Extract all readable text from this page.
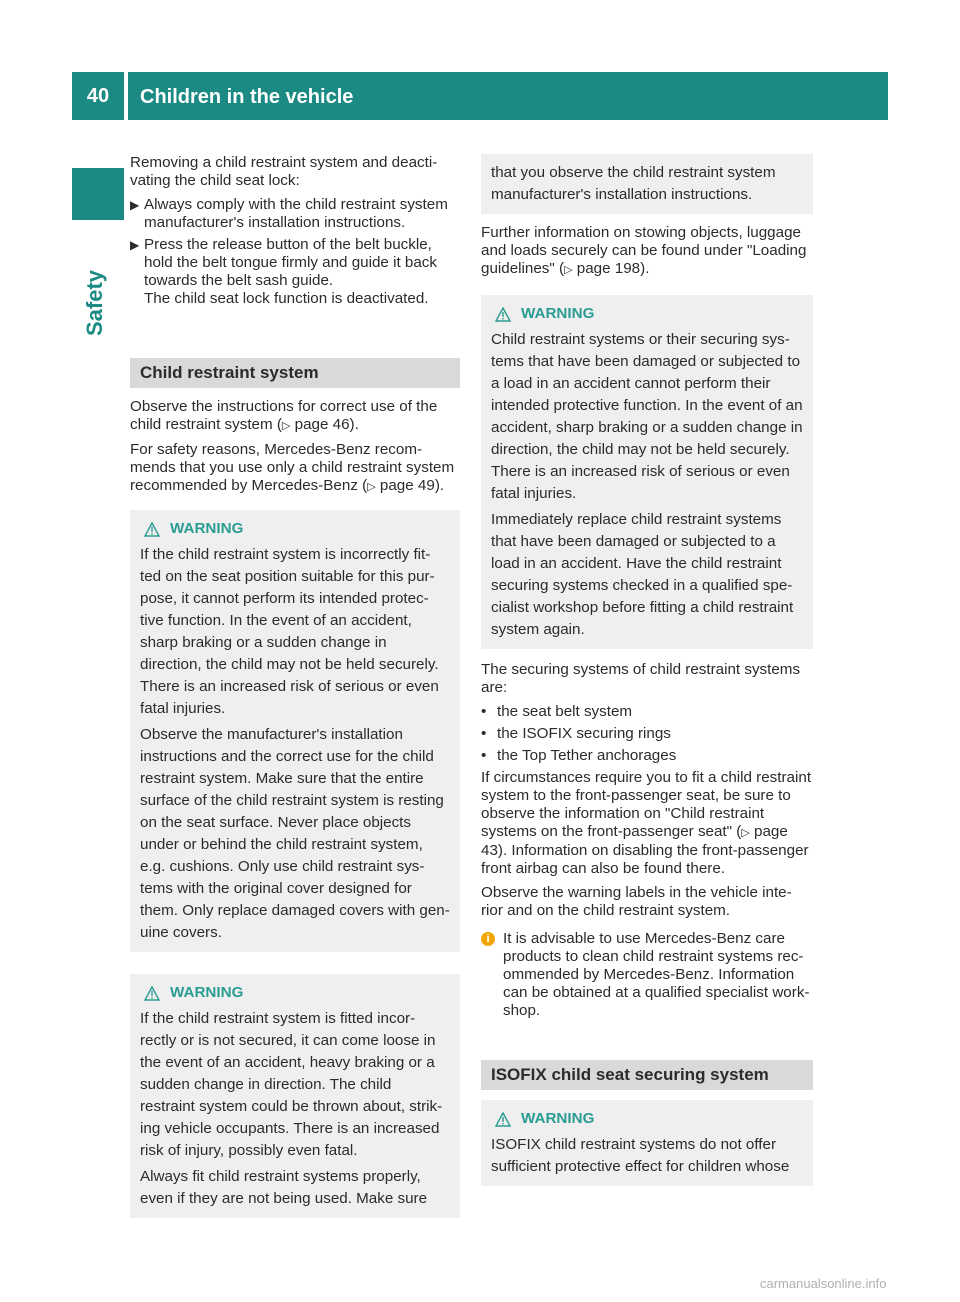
40	Children in the vehicle
Safety

Removing a child restraint system and deacti- vating the child seat lock:

▶ Always comply with the child restraint system manufacturer's installation instructions.
▶ Press the release button of the belt buckle, hold the belt tongue firmly and guide it back towards the belt sash guide.
The child seat lock function is deactivated.
Child restraint system

Observe the instructions for correct use of the child restraint system (▷ page 46).

For safety reasons, Mercedes-Benz recom- mends that you use only a child restraint system recommended by Mercedes-Benz (▷ page 49).

WARNING

If the child restraint system is incorrectly fit- ted on the seat position suitable for this pur- pose, it cannot perform its intended protec- tive function. In the event of an accident, sharp braking or a sudden change in direction, the child may not be held securely. There is an increased risk of serious or even fatal injuries.

Observe the manufacturer's installation instructions and the correct use for the child restraint system. Make sure that the entire surface of the child restraint system is resting on the seat surface. Never place objects under or behind the child restraint system, e.g. cushions. Only use child restraint sys- tems with the original cover designed for them. Only replace damaged covers with gen- uine covers.

WARNING

If the child restraint system is fitted incor- rectly or is not secured, it can come loose in the event of an accident, heavy braking or a sudden change in direction. The child restraint system could be thrown about, strik- ing vehicle occupants. There is an increased risk of injury, possibly even fatal.

Always fit child restraint systems properly, even if they are not being used. Make sure

that you observe the child restraint system manufacturer's installation instructions.

Further information on stowing objects, luggage and loads securely can be found under "Loading guidelines" (▷ page 198).

WARNING

Child restraint systems or their securing sys- tems that have been damaged or subjected to a load in an accident cannot perform their intended protective function. In the event of an accident, sharp braking or a sudden change in direction, the child may not be held securely. There is an increased risk of serious or even fatal injuries.

Immediately replace child restraint systems that have been damaged or subjected to a load in an accident. Have the child restraint securing systems checked in a qualified spe- cialist workshop before fitting a child restraint system again.

The securing systems of child restraint systems are:

• the seat belt system
• the ISOFIX securing rings
• the Top Tether anchorages

If circumstances require you to fit a child restraint system to the front-passenger seat, be sure to observe the information on "Child restraint systems on the front-passenger seat" (▷ page 43). Information on disabling the front-passenger front airbag can also be found there.

Observe the warning labels in the vehicle inte- rior and on the child restraint system.

i It is advisable to use Mercedes-Benz care products to clean child restraint systems rec- ommended by Mercedes-Benz. Information can be obtained at a qualified specialist work- shop.
ISOFIX child seat securing system
WARNING

ISOFIX child restraint systems do not offer sufficient protective effect for children whose

carmanualsonline.info
